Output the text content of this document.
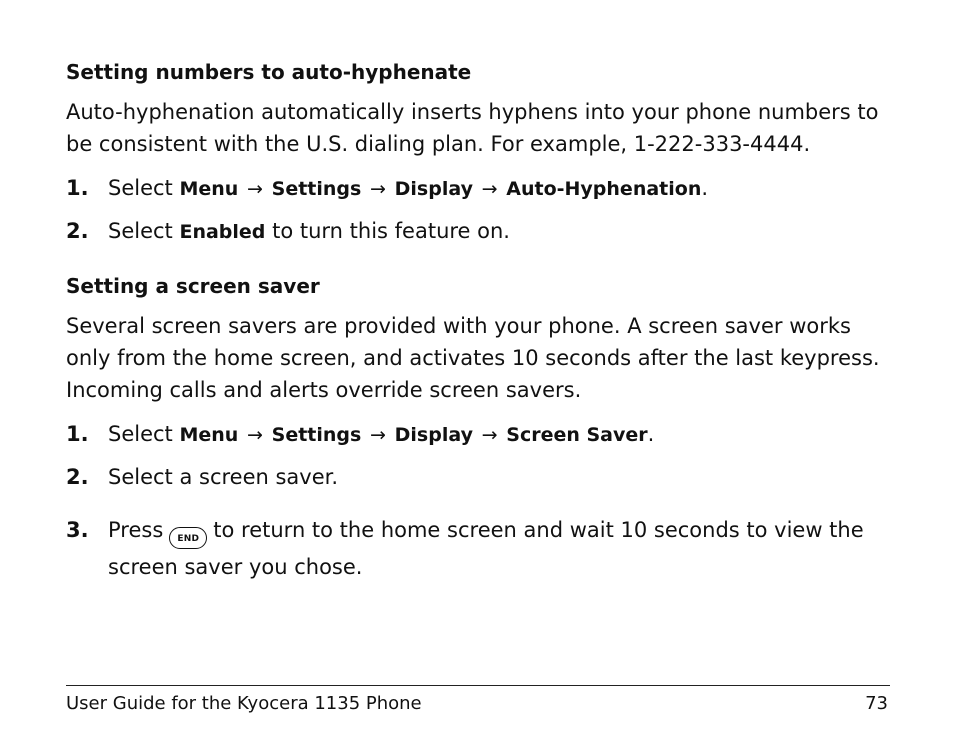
Setting numbers to auto-hyphenate

Auto-hyphenation automatically inserts hyphens into your phone numbers to be consistent with the U.S. dialing plan. For example, 1-222-333-4444.

1. Select Menu → Settings → Display → Auto-Hyphenation.
2. Select Enabled to turn this feature on.
Setting a screen saver

Several screen savers are provided with your phone. A screen saver works only from the home screen, and activates 10 seconds after the last keypress. Incoming calls and alerts override screen savers.

1. Select Menu → Settings → Display → Screen Saver.
2. Select a screen saver.
3. Press END to return to the home screen and wait 10 seconds to view the screen saver you chose.
User Guide for the Kyocera 1135 Phone	73
